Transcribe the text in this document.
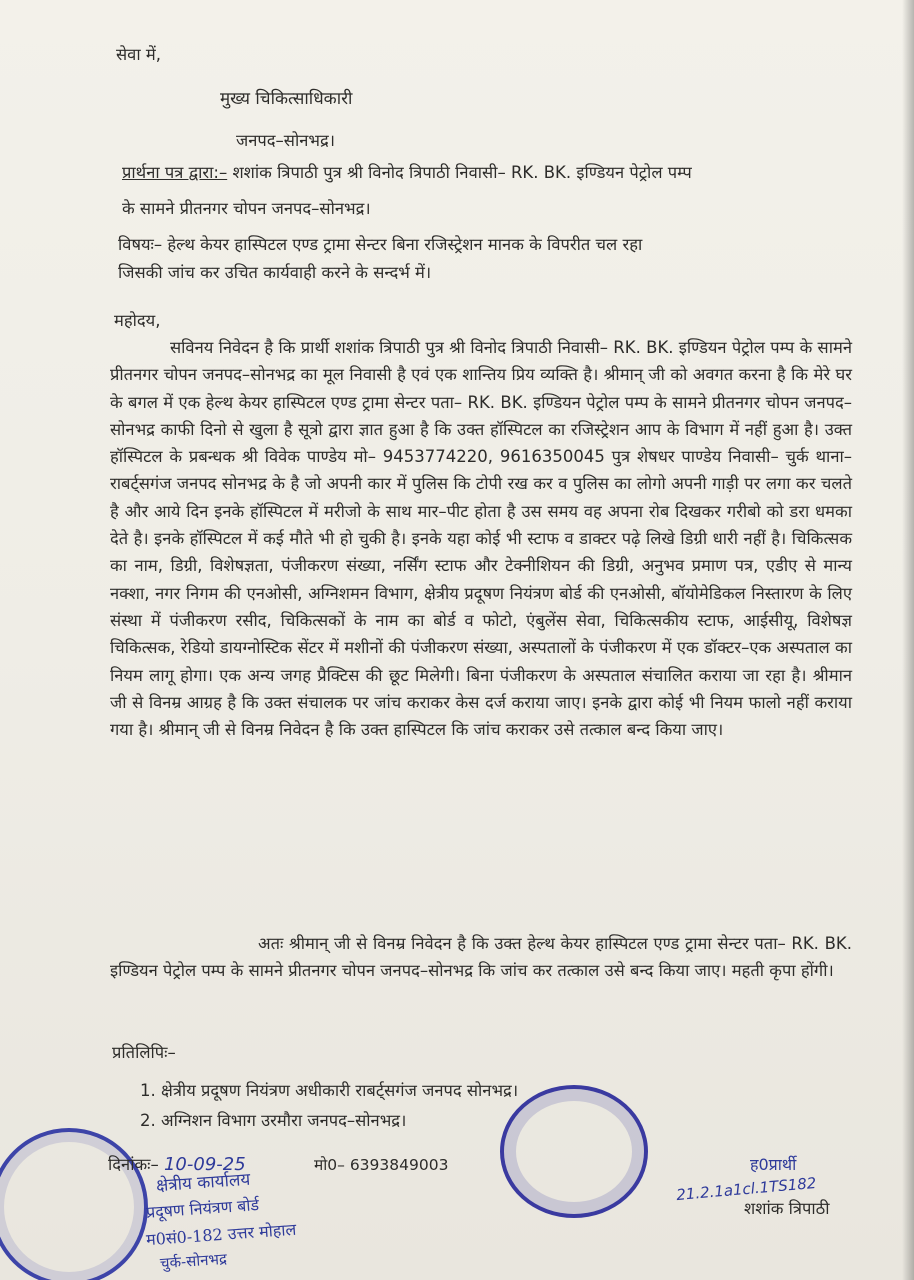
सेवा में,
मुख्य चिकित्साधिकारी
जनपद–सोनभद्र।
प्रार्थना पत्र द्वारा:– शशांक त्रिपाठी पुत्र श्री विनोद त्रिपाठी निवासी– RK. BK. इण्डियन पेट्रोल पम्प
के सामने प्रीतनगर चोपन जनपद–सोनभद्र।
विषयः– हेल्थ केयर हास्पिटल एण्ड ट्रामा सेन्टर बिना रजिस्ट्रेशन मानक के विपरीत चल रहा
जिसकी जांच कर उचित कार्यवाही करने के सन्दर्भ में।
महोदय,
सविनय निवेदन है कि प्रार्थी शशांक त्रिपाठी पुत्र श्री विनोद त्रिपाठी निवासी– RK. BK. इण्डियन पेट्रोल पम्प के सामने प्रीतनगर चोपन जनपद–सोनभद्र का मूल निवासी है एवं एक शान्तिय प्रिय व्यक्ति है। श्रीमान् जी को अवगत करना है कि मेरे घर के बगल में एक हेल्थ केयर हास्पिटल एण्ड ट्रामा सेन्टर पता– RK. BK. इण्डियन पेट्रोल पम्प के सामने प्रीतनगर चोपन जनपद–सोनभद्र काफी दिनो से खुला है सूत्रो द्वारा ज्ञात हुआ है कि उक्त हॉस्पिटल का रजिस्ट्रेशन आप के विभाग में नहीं हुआ है। उक्त हॉस्पिटल के प्रबन्धक श्री विवेक पाण्डेय मो– 9453774220, 9616350045 पुत्र शेषधर पाण्डेय निवासी– चुर्क थाना–राबर्ट्सगंज जनपद सोनभद्र के है जो अपनी कार में पुलिस कि टोपी रख कर व पुलिस का लोगो अपनी गाड़ी पर लगा कर चलते है और आये दिन इनके हॉस्पिटल में मरीजो के साथ मार–पीट होता है उस समय वह अपना रोब दिखकर गरीबो को डरा धमका देते है। इनके हॉस्पिटल में कई मौते भी हो चुकी है। इनके यहा कोई भी स्टाफ व डाक्टर पढ़े लिखे डिग्री धारी नहीं है। चिकित्सक का नाम, डिग्री, विशेषज्ञता, पंजीकरण संख्या, नर्सिंग स्टाफ और टेक्नीशियन की डिग्री, अनुभव प्रमाण पत्र, एडीए से मान्य नक्शा, नगर निगम की एनओसी, अग्निशमन विभाग, क्षेत्रीय प्रदूषण नियंत्रण बोर्ड की एनओसी, बॉयोमेडिकल निस्तारण के लिए संस्था में पंजीकरण रसीद, चिकित्सकों के नाम का बोर्ड व फोटो, एंबुलेंस सेवा, चिकित्सकीय स्टाफ, आईसीयू, विशेषज्ञ चिकित्सक, रेडियो डायग्नोस्टिक सेंटर में मशीनों की पंजीकरण संख्या, अस्पतालों के पंजीकरण में एक डॉक्टर–एक अस्पताल का नियम लागू होगा। एक अन्य जगह प्रैक्टिस की छूट मिलेगी। बिना पंजीकरण के अस्पताल संचालित कराया जा रहा है। श्रीमान जी से विनम्र आग्रह है कि उक्त संचालक पर जांच कराकर केस दर्ज कराया जाए। इनके द्वारा कोई भी नियम फालो नहीं कराया गया है। श्रीमान् जी से विनम्र निवेदन है कि उक्त हास्पिटल कि जांच कराकर उसे तत्काल बन्द किया जाए।
अतः श्रीमान् जी से विनम्र निवेदन है कि उक्त हेल्थ केयर हास्पिटल एण्ड ट्रामा सेन्टर पता– RK. BK. इण्डियन पेट्रोल पम्प के सामने प्रीतनगर चोपन जनपद–सोनभद्र कि जांच कर तत्काल उसे बन्द किया जाए। महती कृपा होंगी।
प्रतिलिपिः–
1. क्षेत्रीय प्रदूषण नियंत्रण अधीकारी राबर्ट्सगंज जनपद सोनभद्र।
2. अग्निशन विभाग उरमौरा जनपद–सोनभद्र।
दिनांकः– 10-09-25	मो0– 6393849003	ह0प्रार्थी
21.2.1a1cl.1TS182
शशांक त्रिपाठी
क्षेत्रीय कार्यालय
प्रदूषण नियंत्रण बोर्ड
म0सं0-182 उत्तर मोहाल
चुर्क-सोनभद्र
